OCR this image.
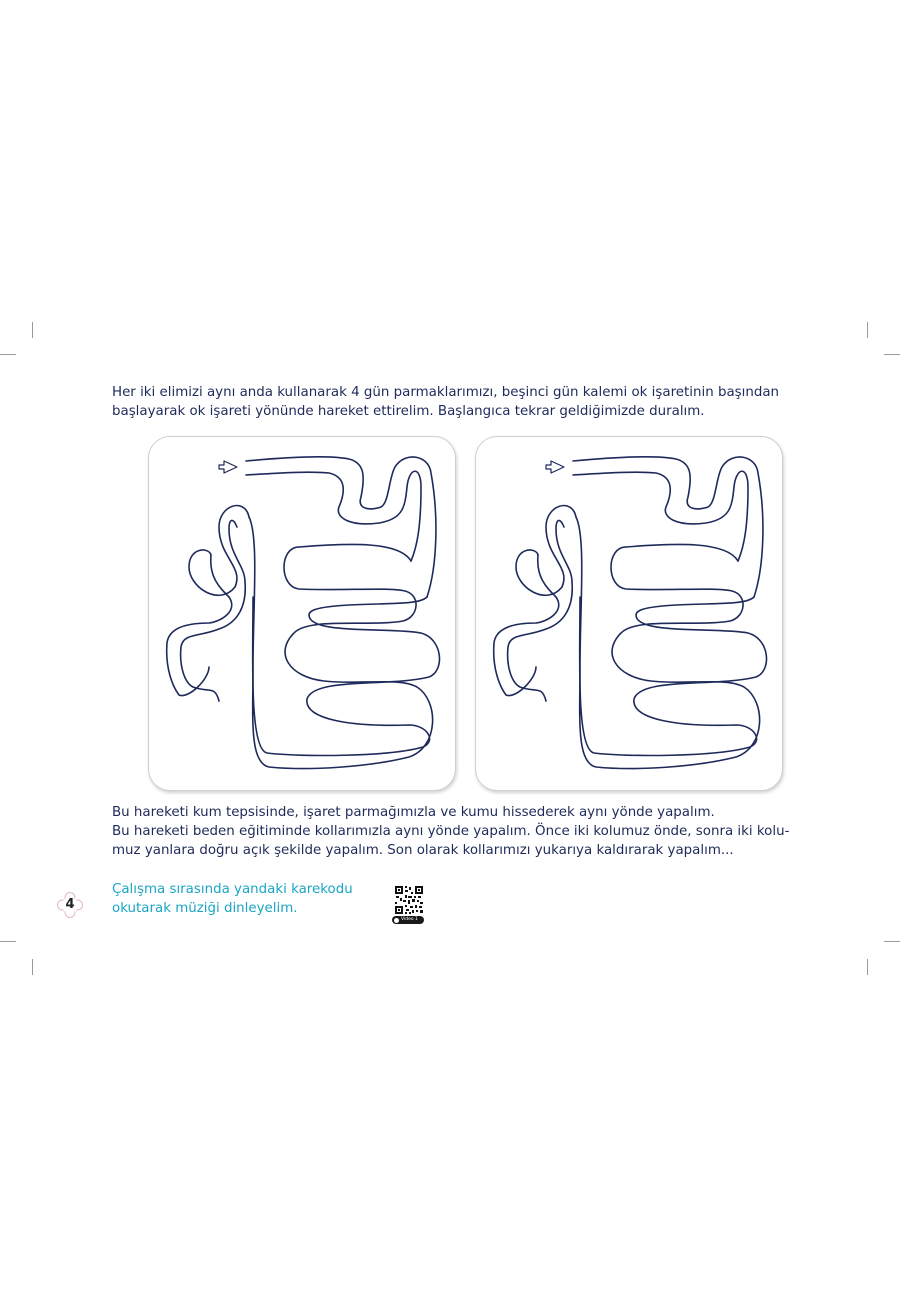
Her iki elimizi aynı anda kullanarak 4 gün parmaklarımızı, beşinci gün kalemi ok işaretinin başından

başlayarak ok işareti yönünde hareket ettirelim. Başlangıca tekrar geldiğimizde duralım.

Bu hareketi kum tepsisinde, işaret parmağımızla ve kumu hissederek aynı yönde yapalım.

Bu hareketi beden eğitiminde kollarımızla aynı yönde yapalım. Önce iki kolumuz önde, sonra iki kolu-

muz yanlara doğru açık şekilde yapalım. Son olarak kollarımızı yukarıya kaldırarak yapalım...

4

Çalışma sırasında yandaki karekodu

okutarak müziği dinleyelim.

Video 1
